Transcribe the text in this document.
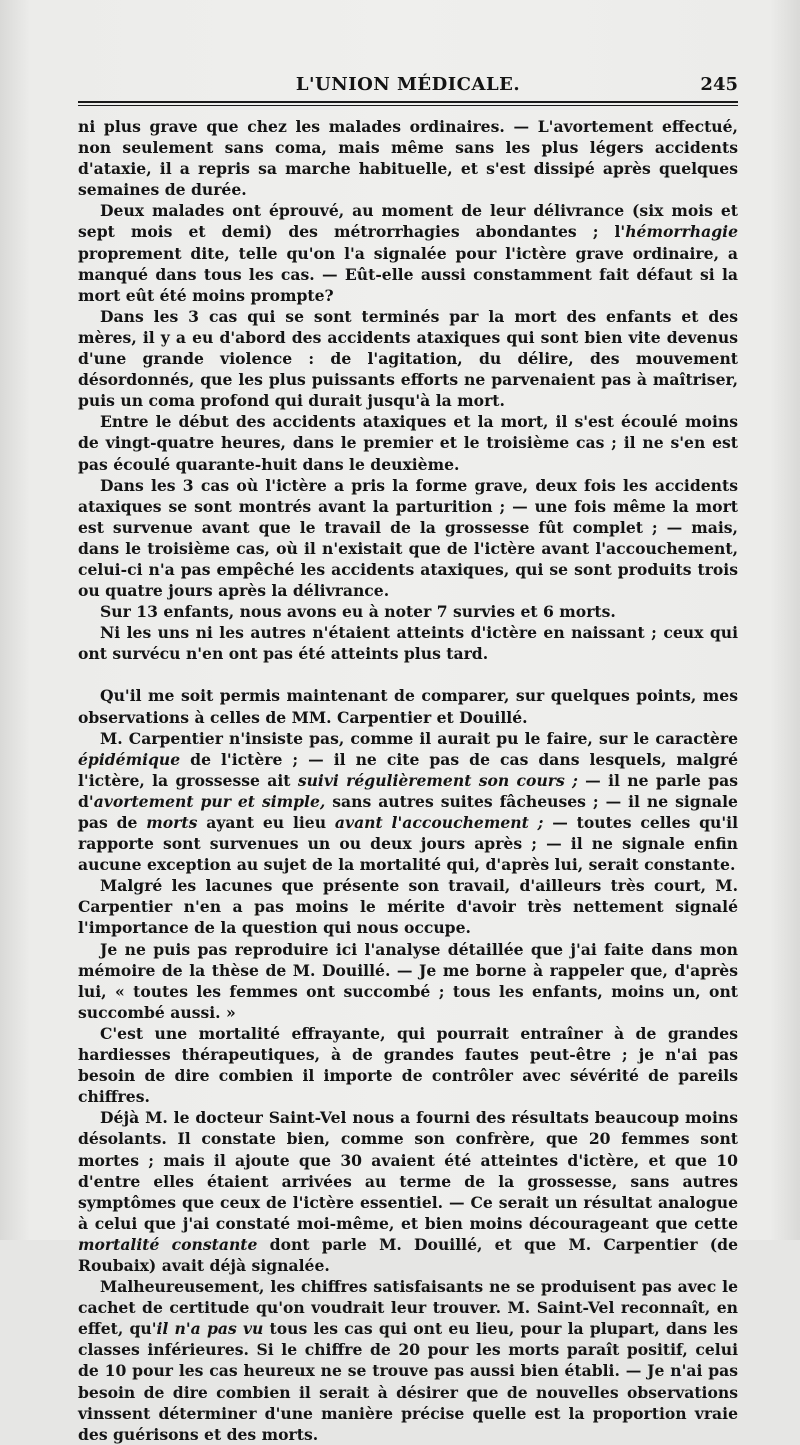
L'UNION MÉDICALE.	245

ni plus grave que chez les malades ordinaires. — L'avortement effectué, non seulement sans coma, mais même sans les plus légers accidents d'ataxie, il a repris sa marche habituelle, et s'est dissipé après quelques semaines de durée.

Deux malades ont éprouvé, au moment de leur délivrance (six mois et sept mois et demi) des métrorrhagies abondantes ; l'hémorrhagie proprement dite, telle qu'on l'a signalée pour l'ictère grave ordinaire, a manqué dans tous les cas. — Eût-elle aussi constamment fait défaut si la mort eût été moins prompte?

Dans les 3 cas qui se sont terminés par la mort des enfants et des mères, il y a eu d'abord des accidents ataxiques qui sont bien vite devenus d'une grande violence : de l'agitation, du délire, des mouvement désordonnés, que les plus puissants efforts ne parvenaient pas à maîtriser, puis un coma profond qui durait jusqu'à la mort.

Entre le début des accidents ataxiques et la mort, il s'est écoulé moins de vingt-quatre heures, dans le premier et le troisième cas ; il ne s'en est pas écoulé quarante-huit dans le deuxième.

Dans les 3 cas où l'ictère a pris la forme grave, deux fois les accidents ataxiques se sont montrés avant la parturition ; — une fois même la mort est survenue avant que le travail de la grossesse fût complet ; — mais, dans le troisième cas, où il n'existait que de l'ictère avant l'accouchement, celui-ci n'a pas empêché les accidents ataxiques, qui se sont produits trois ou quatre jours après la délivrance.

Sur 13 enfants, nous avons eu à noter 7 survies et 6 morts.

Ni les uns ni les autres n'étaient atteints d'ictère en naissant ; ceux qui ont survécu n'en ont pas été atteints plus tard.

Qu'il me soit permis maintenant de comparer, sur quelques points, mes observations à celles de MM. Carpentier et Douillé.

M. Carpentier n'insiste pas, comme il aurait pu le faire, sur le caractère épidémique de l'ictère ; — il ne cite pas de cas dans lesquels, malgré l'ictère, la grossesse ait suivi régulièrement son cours ; — il ne parle pas d'avortement pur et simple, sans autres suites fâcheuses ; — il ne signale pas de morts ayant eu lieu avant l'accouchement ; — toutes celles qu'il rapporte sont survenues un ou deux jours après ; — il ne signale enfin aucune exception au sujet de la mortalité qui, d'après lui, serait constante.

Malgré les lacunes que présente son travail, d'ailleurs très court, M. Carpentier n'en a pas moins le mérite d'avoir très nettement signalé l'importance de la question qui nous occupe.

Je ne puis pas reproduire ici l'analyse détaillée que j'ai faite dans mon mémoire de la thèse de M. Douillé. — Je me borne à rappeler que, d'après lui, « toutes les femmes ont succombé ; tous les enfants, moins un, ont succombé aussi. »

C'est une mortalité effrayante, qui pourrait entraîner à de grandes hardiesses thérapeutiques, à de grandes fautes peut-être ; je n'ai pas besoin de dire combien il importe de contrôler avec sévérité de pareils chiffres.

Déjà M. le docteur Saint-Vel nous a fourni des résultats beaucoup moins désolants. Il constate bien, comme son confrère, que 20 femmes sont mortes ; mais il ajoute que 30 avaient été atteintes d'ictère, et que 10 d'entre elles étaient arrivées au terme de la grossesse, sans autres symptômes que ceux de l'ictère essentiel. — Ce serait un résultat analogue à celui que j'ai constaté moi-même, et bien moins décourageant que cette mortalité constante dont parle M. Douillé, et que M. Carpentier (de Roubaix) avait déjà signalée.

Malheureusement, les chiffres satisfaisants ne se produisent pas avec le cachet de certitude qu'on voudrait leur trouver. M. Saint-Vel reconnaît, en effet, qu'il n'a pas vu tous les cas qui ont eu lieu, pour la plupart, dans les classes inférieures. Si le chiffre de 20 pour les morts paraît positif, celui de 10 pour les cas heureux ne se trouve pas aussi bien établi. — Je n'ai pas besoin de dire combien il serait à désirer que de nouvelles observations vinssent déterminer d'une manière précise quelle est la proportion vraie des guérisons et des morts.
